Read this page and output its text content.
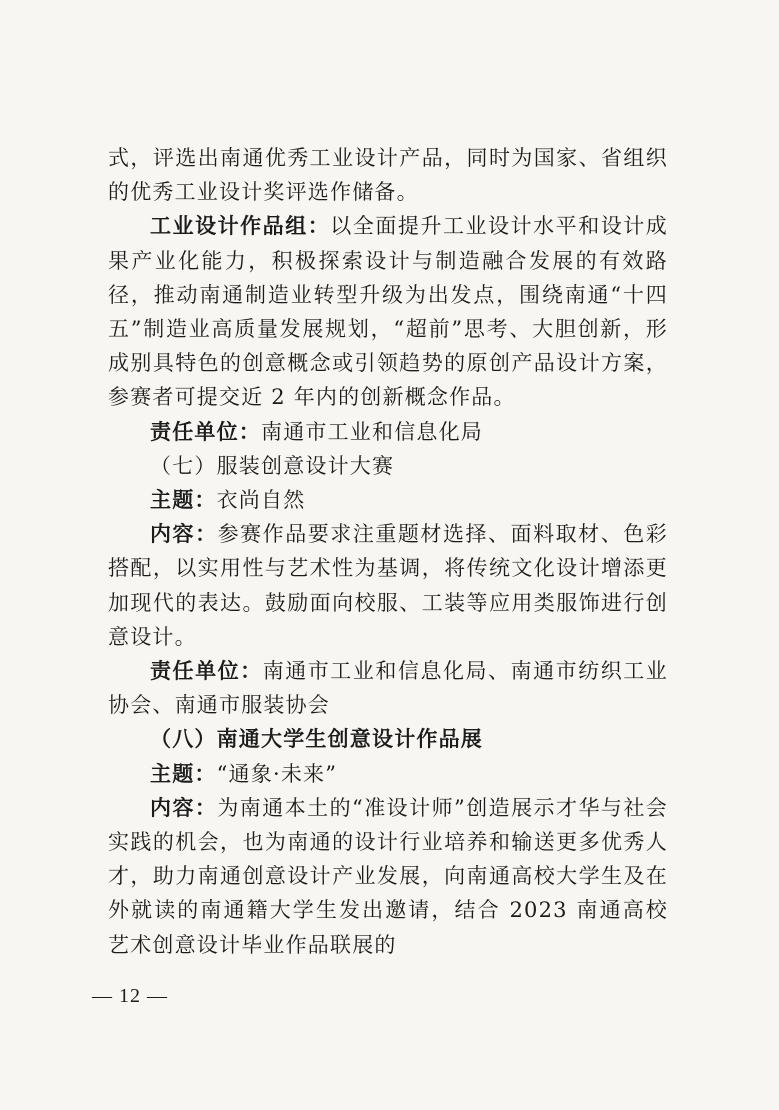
式，评选出南通优秀工业设计产品，同时为国家、省组织的优秀工业设计奖评选作储备。

工业设计作品组：以全面提升工业设计水平和设计成果产业化能力，积极探索设计与制造融合发展的有效路径，推动南通制造业转型升级为出发点，围绕南通“十四五”制造业高质量发展规划，“超前”思考、大胆创新，形成别具特色的创意概念或引领趋势的原创产品设计方案，参赛者可提交近 2 年内的创新概念作品。

责任单位：南通市工业和信息化局

（七）服装创意设计大赛

主题：衣尚自然

内容：参赛作品要求注重题材选择、面料取材、色彩搭配，以实用性与艺术性为基调，将传统文化设计增添更加现代的表达。鼓励面向校服、工装等应用类服饰进行创意设计。

责任单位：南通市工业和信息化局、南通市纺织工业协会、南通市服装协会

（八）南通大学生创意设计作品展

主题：“通象·未来”

内容：为南通本土的“准设计师”创造展示才华与社会实践的机会，也为南通的设计行业培养和输送更多优秀人才，助力南通创意设计产业发展，向南通高校大学生及在外就读的南通籍大学生发出邀请，结合 2023 南通高校艺术创意设计毕业作品联展的

— 12 —
